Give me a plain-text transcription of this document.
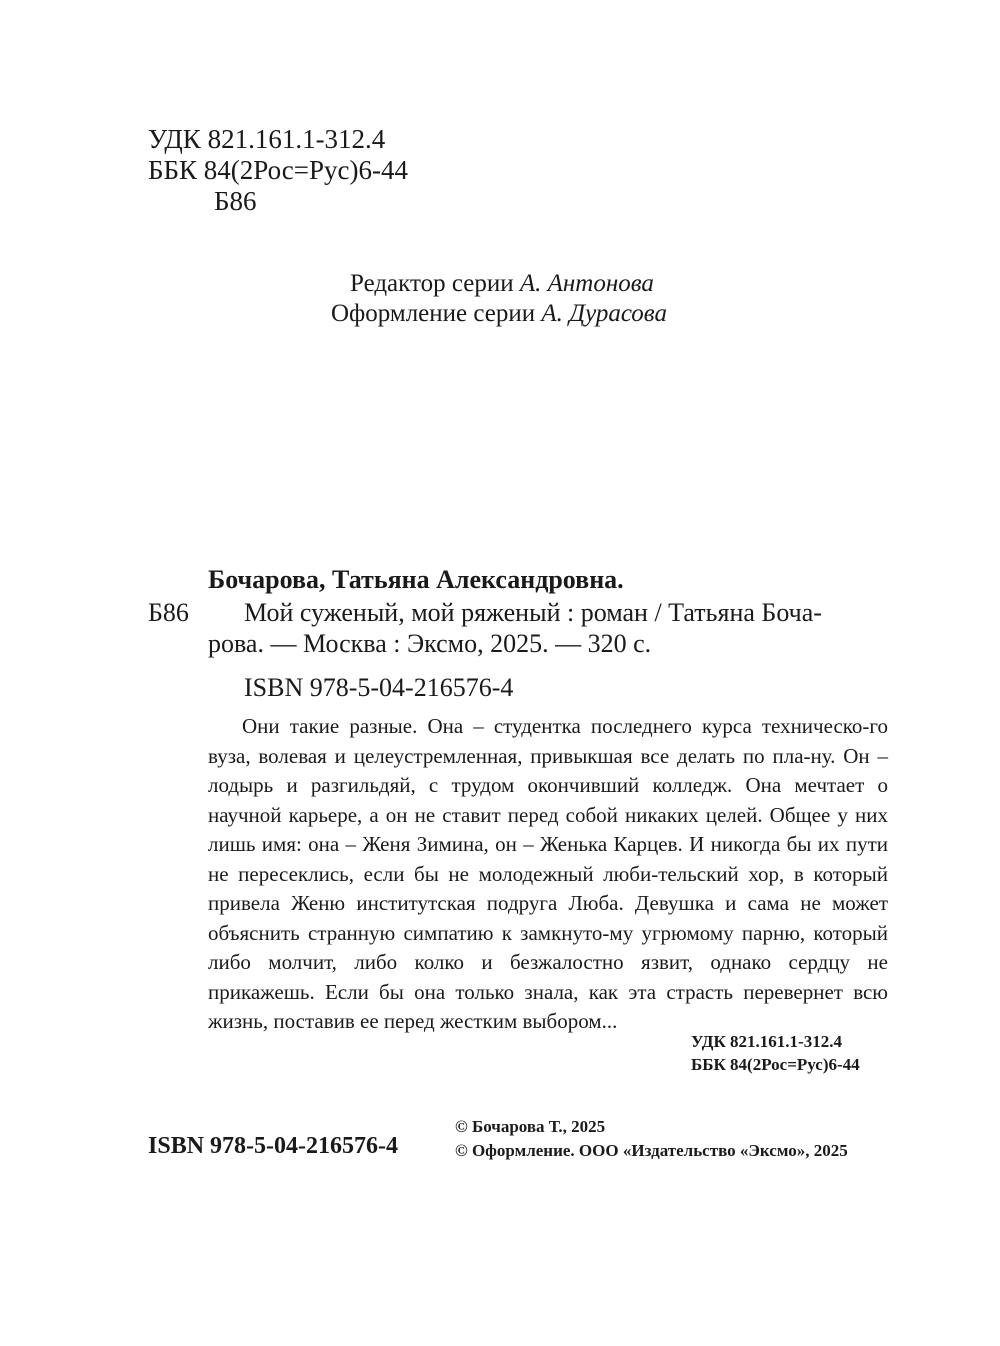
УДК 821.161.1-312.4
ББК 84(2Рос=Рус)6-44
Б86
Редактор серии А. Антонова
Оформление серии А. Дурасова
Бочарова, Татьяна Александровна.
Б86 Мой суженый, мой ряженый : роман / Татьяна Боча-
рова. — Москва : Эксмо, 2025. — 320 с.
ISBN 978-5-04-216576-4

Они такие разные. Она – студентка последнего курса техническо-го вуза, волевая и целеустремленная, привыкшая все делать по пла-ну. Он – лодырь и разгильдяй, с трудом окончивший колледж. Она мечтает о научной карьере, а он не ставит перед собой никаких целей. Общее у них лишь имя: она – Женя Зимина, он – Женька Карцев. И никогда бы их пути не пересеклись, если бы не молодежный люби-тельский хор, в который привела Женю институтская подруга Люба. Девушка и сама не может объяснить странную симпатию к замкнуто-му угрюмому парню, который либо молчит, либо колко и безжалостно язвит, однако сердцу не прикажешь. Если бы она только знала, как эта страсть перевернет всю жизнь, поставив ее перед жестким выбором...

УДК 821.161.1-312.4
ББК 84(2Рос=Рус)6-44
ISBN 978-5-04-216576-4
© Бочарова Т., 2025
© Оформление. ООО «Издательство «Эксмо», 2025
